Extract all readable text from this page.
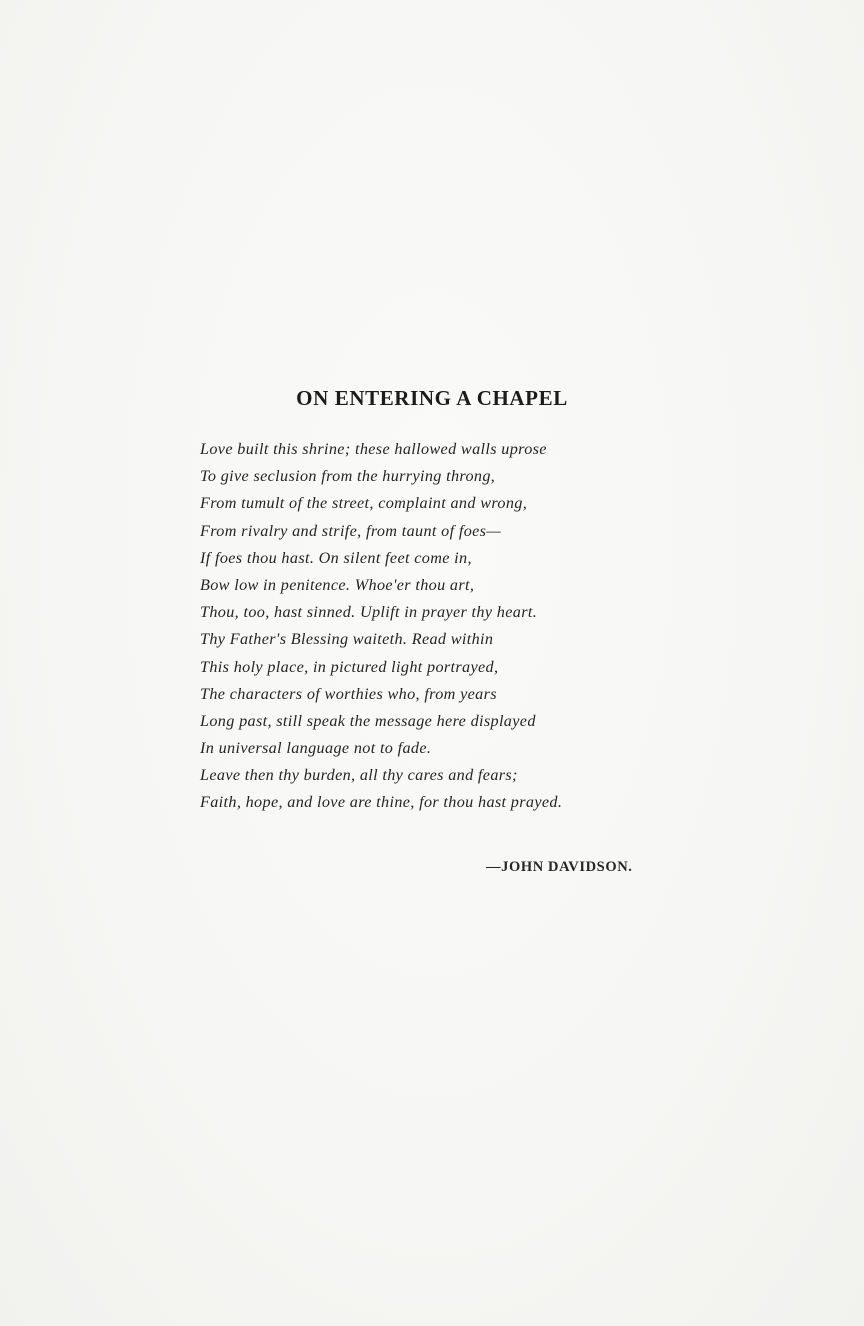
ON ENTERING A CHAPEL
Love built this shrine; these hallowed walls uprose
To give seclusion from the hurrying throng,
From tumult of the street, complaint and wrong,
From rivalry and strife, from taunt of foes—
If foes thou hast. On silent feet come in,
Bow low in penitence. Whoe'er thou art,
Thou, too, hast sinned. Uplift in prayer thy heart.
Thy Father's Blessing waiteth. Read within
This holy place, in pictured light portrayed,
The characters of worthies who, from years
Long past, still speak the message here displayed
In universal language not to fade.
Leave then thy burden, all thy cares and fears;
Faith, hope, and love are thine, for thou hast prayed.

—JOHN DAVIDSON.
